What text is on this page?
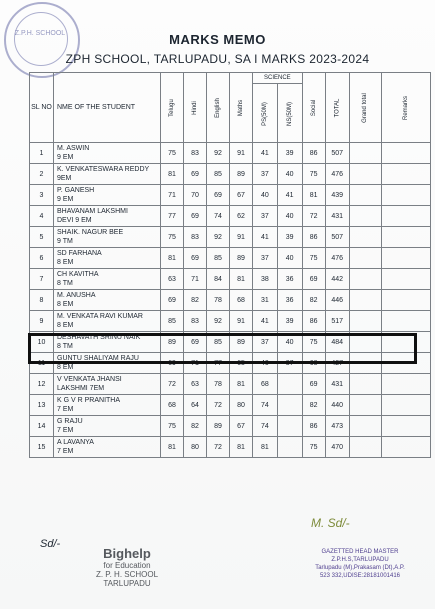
Z.P.H. SCHOOL	MARKS MEMO
ZPH SCHOOL, TARLUPADU, SA I MARKS 2023-2024
SL NO	NME OF THE STUDENT	Telugu	Hindi	English	Maths	SCIENCE		Social	TOTAL	Grand total	Remarks
						PS(50M)	NS(50M)				
1	M. ASWIN
9 EM	75	83	92	91	41	39	86	507		
2	K. VENKATESWARA REDDY
9EM	81	69	85	89	37	40	75	476		
3	P. GANESH
9 EM	71	70	69	67	40	41	81	439		
4	BHAVANAM LAKSHMI
DEVI 9 EM	77	69	74	62	37	40	72	431		
5	SHAIK. NAGUR BEE
9 TM	75	83	92	91	41	39	86	507		
6	SD FARHANA
8 EM	81	69	85	89	37	40	75	476		
7	CH KAVITHA
8 TM	63	71	84	81	38	36	69	442		
8	M. ANUSHA
8 EM	69	82	78	68	31	36	82	446		
9	M. VENKATA RAVI KUMAR
8 EM	85	83	92	91	41	39	86	517		
10	DESHAVATH SRINU NAIK
8 TM	89	69	85	89	37	40	75	484		
11	GUNTU SHALIYAM RAJU
8 EM	69	71	77	65	40	37	68	427		
12	V VENKATA JHANSI
LAKSHMI 7EM	72	63	78	81	68		69	431		
13	K G V R PRANITHA
7 EM	68	64	72	80	74		82	440		
14	G RAJU
7 EM	75	82	89	67	74		86	473		
15	A LAVANYA
7 EM	81	80	72	81	81		75	470		
Sd/-
Bighelp
for Education
Z. P. H. SCHOOL
TARLUPADU
M. Sd/-
GAZETTED HEAD MASTER
Z.P.H.S,TARLUPADU
Tarlupadu (M),Prakasam (Dt),A.P.
523 332,UDISE:28181001416
